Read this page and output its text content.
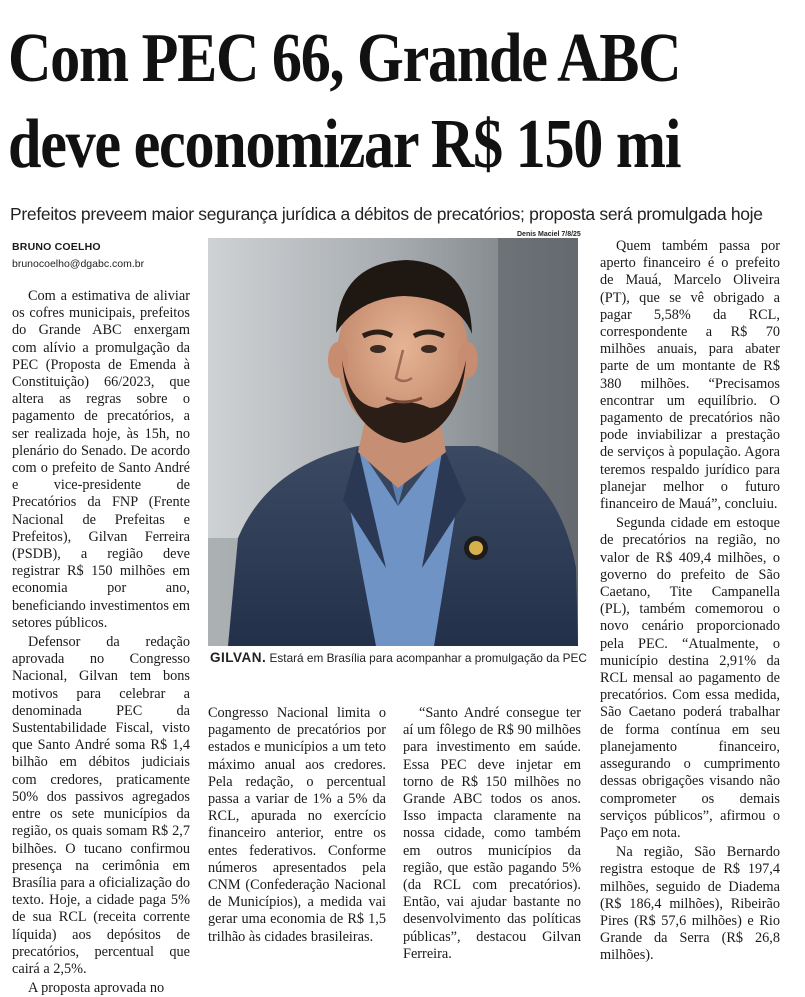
Com PEC 66, Grande ABC
deve economizar R$ 150 mi
Prefeitos preveem maior segurança jurídica a débitos de precatórios; proposta será promulgada hoje
BRUNO COELHO
brunocoelho@dgabc.com.br
Denis Maciel 7/8/25

Com a estimativa de aliviar os cofres municipais, prefeitos do Grande ABC enxergam com alívio a promulgação da PEC (Proposta de Emenda à Constituição) 66/2023, que altera as regras sobre o pagamento de precatórios, a ser realizada hoje, às 15h, no plenário do Senado. De acordo com o prefeito de Santo André e vice-presidente de Precatórios da FNP (Frente Nacional de Prefeitas e Prefeitos), Gilvan Ferreira (PSDB), a região deve registrar R$ 150 milhões em economia por ano, beneficiando investimentos em setores públicos.

Defensor da redação aprovada no Congresso Nacional, Gilvan tem bons motivos para celebrar a denominada PEC da Sustentabilidade Fiscal, visto que Santo André soma R$ 1,4 bilhão em débitos judiciais com credores, praticamente 50% dos passivos agregados entre os sete municípios da região, os quais somam R$ 2,7 bilhões. O tucano confirmou presença na cerimônia em Brasília para a oficialização do texto. Hoje, a cidade paga 5% de sua RCL (receita corrente líquida) aos depósitos de precatórios, percentual que cairá a 2,5%.

A proposta aprovada no

GILVAN. Estará em Brasília para acompanhar a promulgação da PEC

Congresso Nacional limita o pagamento de precatórios por estados e municípios a um teto máximo anual aos credores. Pela redação, o percentual passa a variar de 1% a 5% da RCL, apurada no exercício financeiro anterior, entre os entes federativos. Conforme números apresentados pela CNM (Confederação Nacional de Municípios), a medida vai gerar uma economia de R$ 1,5 trilhão às cidades brasileiras.

“Santo André consegue ter aí um fôlego de R$ 90 milhões para investimento em saúde. Essa PEC deve injetar em torno de R$ 150 milhões no Grande ABC todos os anos. Isso impacta claramente na nossa cidade, como também em outros municípios da região, que estão pagando 5% (da RCL com precatórios). Então, vai ajudar bastante no desenvolvimento das políticas públicas”, destacou Gilvan Ferreira.

Quem também passa por aperto financeiro é o prefeito de Mauá, Marcelo Oliveira (PT), que se vê obrigado a pagar 5,58% da RCL, correspondente a R$ 70 milhões anuais, para abater parte de um montante de R$ 380 milhões. “Precisamos encontrar um equilíbrio. O pagamento de precatórios não pode inviabilizar a prestação de serviços à população. Agora teremos respaldo jurídico para planejar melhor o futuro financeiro de Mauá”, concluiu.

Segunda cidade em estoque de precatórios na região, no valor de R$ 409,4 milhões, o governo do prefeito de São Caetano, Tite Campanella (PL), também comemorou o novo cenário proporcionado pela PEC. “Atualmente, o município destina 2,91% da RCL mensal ao pagamento de precatórios. Com essa medida, São Caetano poderá trabalhar de forma contínua em seu planejamento financeiro, assegurando o cumprimento dessas obrigações visando não comprometer os demais serviços públicos”, afirmou o Paço em nota.

Na região, São Bernardo registra estoque de R$ 197,4 milhões, seguido de Diadema (R$ 186,4 milhões), Ribeirão Pires (R$ 57,6 milhões) e Rio Grande da Serra (R$ 26,8 milhões).
